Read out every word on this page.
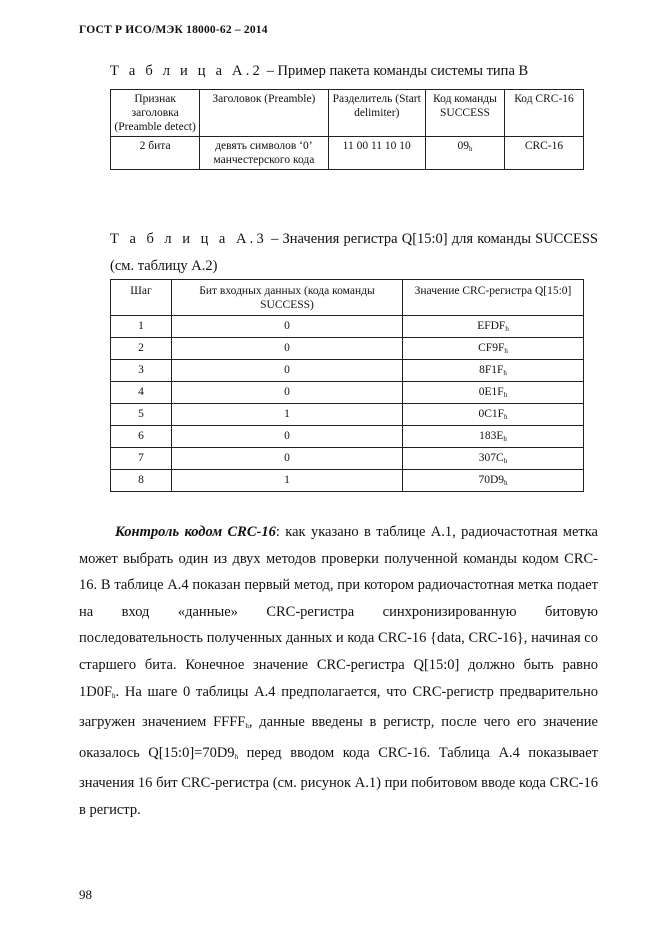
ГОСТ Р ИСО/МЭК 18000-62 – 2014
Т а б л и ц а А.2 – Пример пакета команды системы типа B
Признак заголовка (Preamble detect)	Заголовок (Preamble)	Разделитель (Start delimiter)	Код команды SUCCESS	Код CRC-16
2 бита	девять символов ‘0’ манчестерского кода	11 00 11 10 10	$09_h$	CRC-16
Т а б л и ц а А.3 – Значения регистра Q[15:0] для команды SUCCESS (см. таблицу А.2)
Шаг	Бит входных данных (кода команды SUCCESS)	Значение CRC-регистра Q[15:0]
1	0	$EFDF_h$
2	0	$CF9F_h$
3	0	$8F1F_h$
4	0	$0E1F_h$
5	1	$0C1F_h$
6	0	$183E_h$
7	0	$307C_h$
8	1	$70D9_h$
Контроль кодом CRC-16: как указано в таблице А.1, радиочастотная метка может выбрать один из двух методов проверки полученной команды кодом CRC-16. В таблице А.4 показан первый метод, при котором радиочастотная метка подает на вход «данные» CRC-регистра синхронизированную битовую последовательность полученных данных и кода CRC-16 {data, CRC-16}, начиная со старшего бита. Конечное значение CRC-регистра Q[15:0] должно быть равно $1D0F_h$. На шаге 0 таблицы А.4 предполагается, что CRC-регистр предварительно загружен значением $FFFF_h$, данные введены в регистр, после чего его значение оказалось $Q[15:0]=70D9_h$ перед вводом кода CRC-16. Таблица А.4 показывает значения 16 бит CRC-регистра (см. рисунок А.1) при побитовом вводе кода CRC-16 в регистр.
98
